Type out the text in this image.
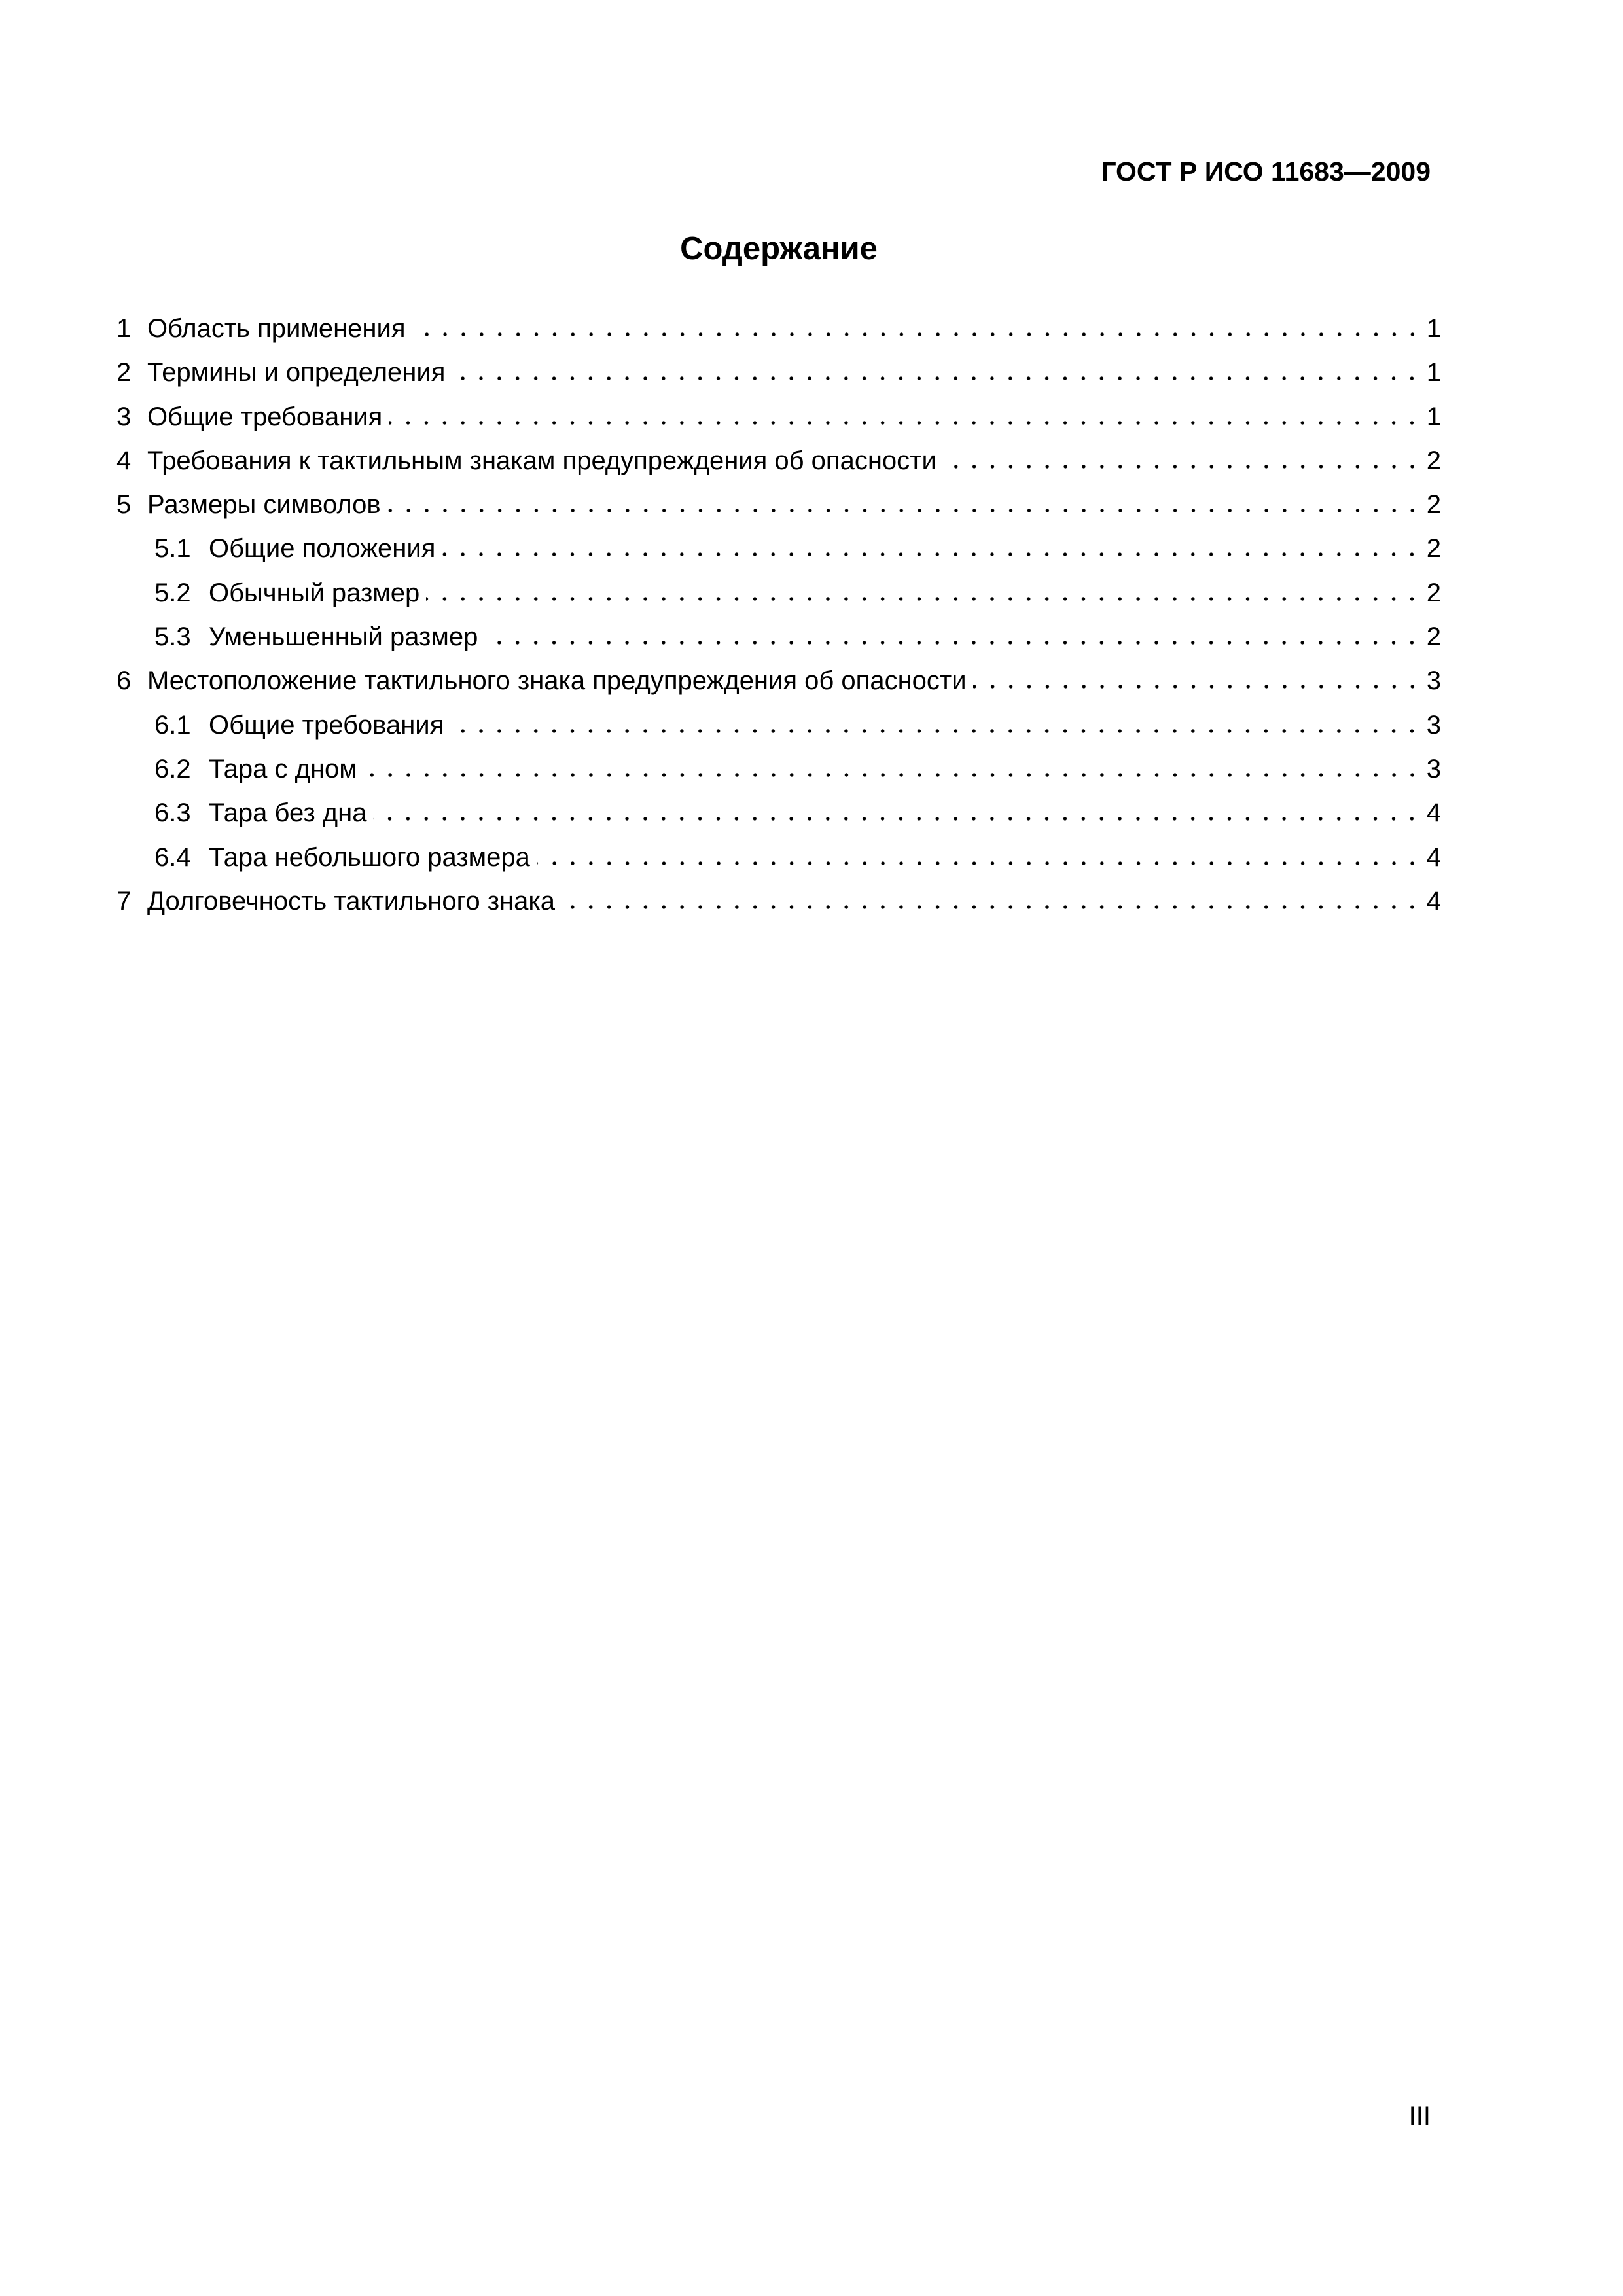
ГОСТ Р ИСО 11683—2009
Содержание
1 Область применения	1
2 Термины и определения	1
3 Общие требования	1
4 Требования к тактильным знакам предупреждения об опасности	2
5 Размеры символов	2
5.1 Общие положения	2
5.2 Обычный размер	2
5.3 Уменьшенный размер	2
6 Местоположение тактильного знака предупреждения об опасности	3
6.1 Общие требования	3
6.2 Тара с дном	3
6.3 Тара без дна	4
6.4 Тара небольшого размера	4
7 Долговечность тактильного знака	4
III
